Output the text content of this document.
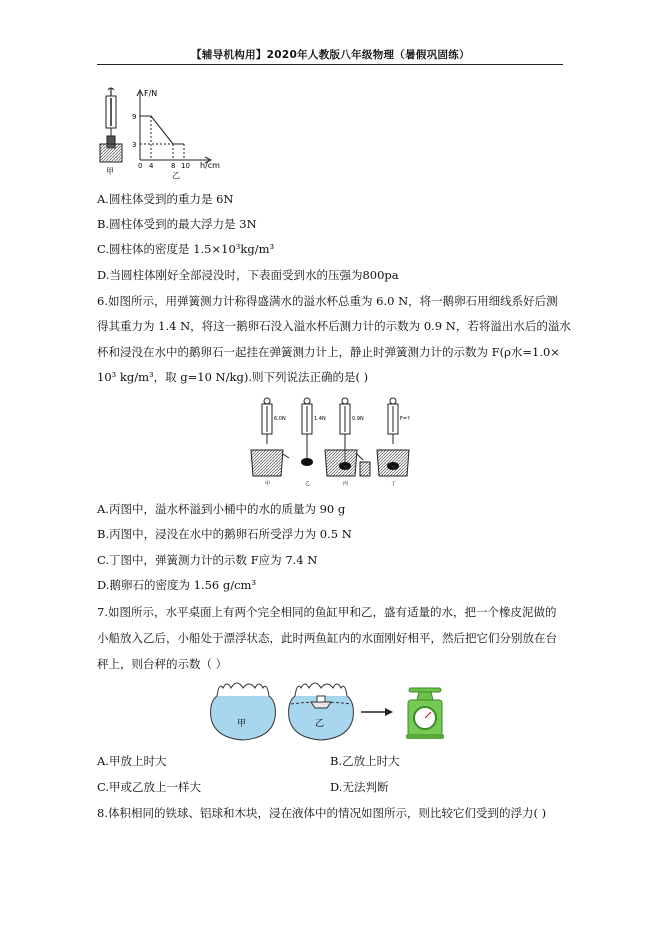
【辅导机构用】2020年人教版八年级物理（暑假巩固练）
甲
F/N
9
3
0 4	8 10 h/cm
乙
A.圆柱体受到的重力是 6N
B.圆柱体受到的最大浮力是 3N
C.圆柱体的密度是 1.5×10³kg/m³
D.当圆柱体刚好全部浸没时，下表面受到水的压强为800pa
6.如图所示，用弹簧测力计称得盛满水的溢水杯总重为 6.0 N，将一鹅卵石用细线系好后测
得其重力为 1.4 N，将这一鹅卵石没入溢水杯后测力计的示数为 0.9 N，若将溢出水后的溢水
杯和浸没在水中的鹅卵石一起挂在弹簧测力计上，静止时弹簧测力计的示数为 F(ρ水=1.0×
10³ kg/m³，取 g=10 N/kg).则下列说法正确的是( )
6.0N	1.4N	0.9N	F=?
甲	乙	丙	丁
A.丙图中，溢水杯溢到小桶中的水的质量为 90 g
B.丙图中，浸没在水中的鹅卵石所受浮力为 0.5 N
C.丁图中，弹簧测力计的示数 F应为 7.4 N
D.鹅卵石的密度为 1.56 g/cm³
7.如图所示，水平桌面上有两个完全相同的鱼缸甲和乙，盛有适量的水，把一个橡皮泥做的
小船放入乙后，小船处于漂浮状态，此时两鱼缸内的水面刚好相平，然后把它们分别放在台
秤上，则台秤的示数（ ）
甲	乙
A.甲放上时大	B.乙放上时大
C.甲或乙放上一样大	D.无法判断
8.体积相同的铁球、铝球和木块，浸在液体中的情况如图所示，则比较它们受到的浮力( )
